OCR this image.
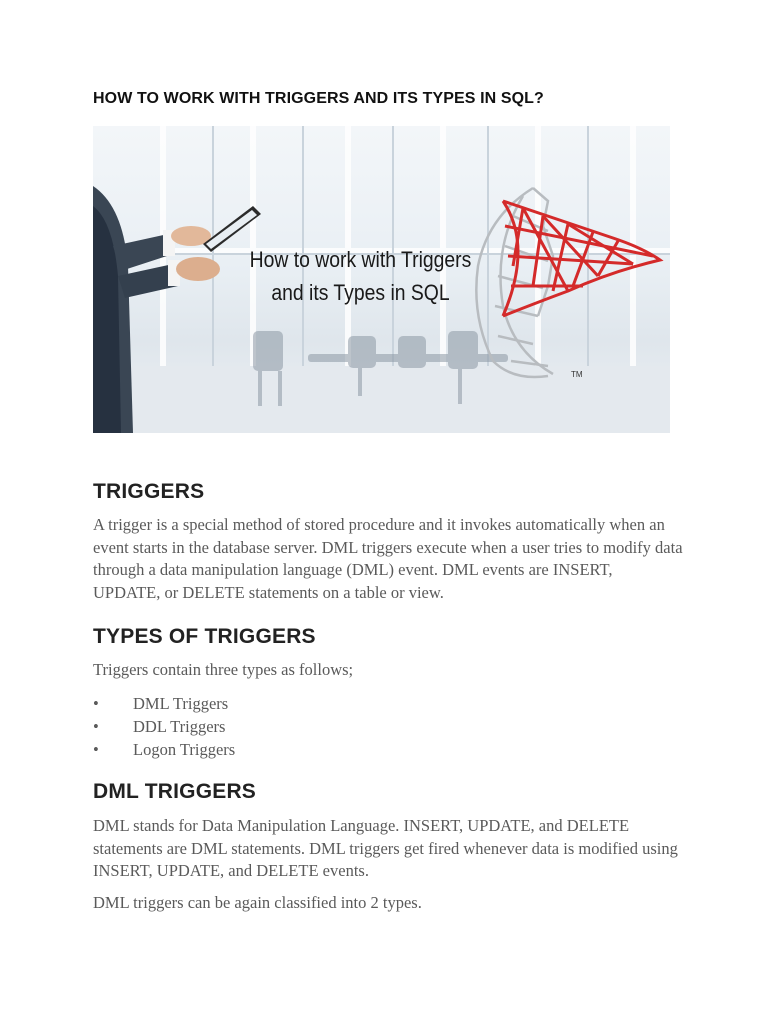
HOW TO WORK WITH TRIGGERS AND ITS TYPES IN SQL?
How to work with Triggers
and its Types in SQL
TM
TRIGGERS

A trigger is a special method of stored procedure and it invokes automatically when an event starts in the database server. DML triggers execute when a user tries to modify data through a data manipulation language (DML) event. DML events are INSERT, UPDATE, or DELETE statements on a table or view.

TYPES OF TRIGGERS

Triggers contain three types as follows;

• DML Triggers
• DDL Triggers
• Logon Triggers
DML TRIGGERS

DML stands for Data Manipulation Language. INSERT, UPDATE, and DELETE statements are DML statements. DML triggers get fired whenever data is modified using INSERT, UPDATE, and DELETE events.

DML triggers can be again classified into 2 types.
